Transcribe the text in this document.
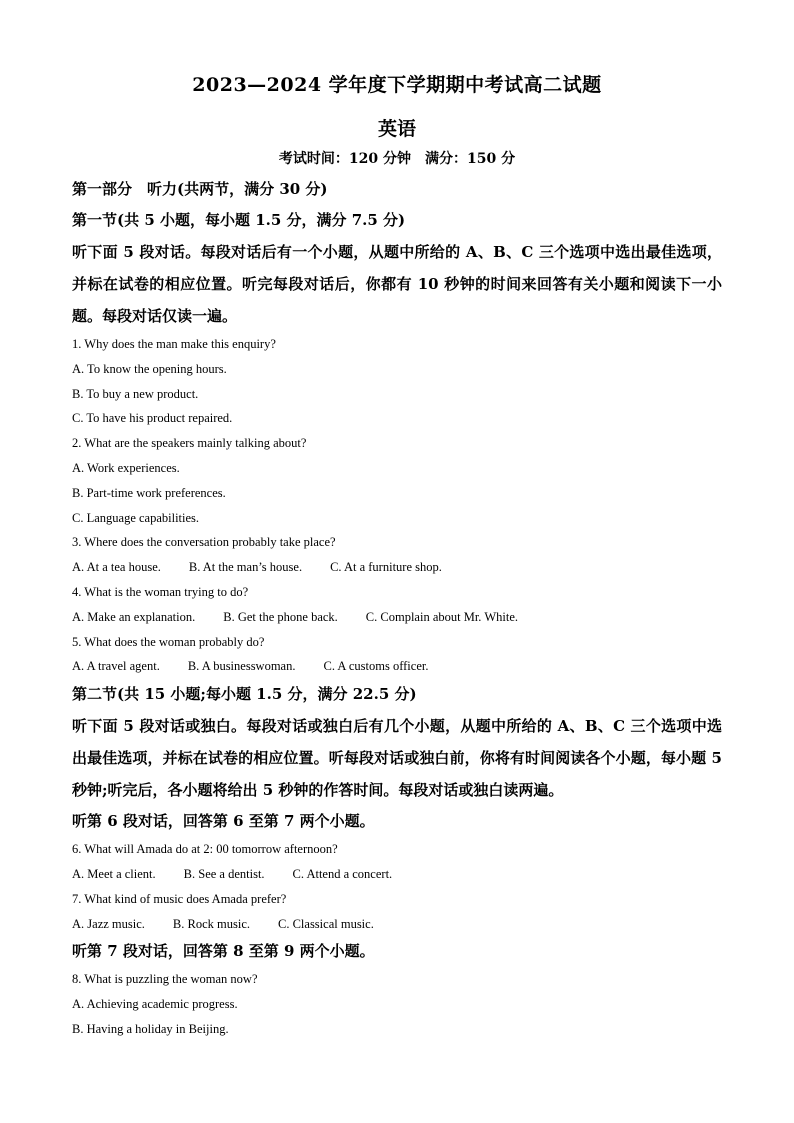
2023—2024 学年度下学期期中考试高二试题
英语
考试时间：120 分钟　满分：150 分
第一部分　听力(共两节，满分 30 分)
第一节(共 5 小题，每小题 1.5 分，满分 7.5 分)
听下面 5 段对话。每段对话后有一个小题，从题中所给的 A、B、C 三个选项中选出最佳选项，并标在试卷的相应位置。听完每段对话后，你都有 10 秒钟的时间来回答有关小题和阅读下一小题。每段对话仅读一遍。
1. Why does the man make this enquiry?
A. To know the opening hours.
B. To buy a new product.
C. To have his product repaired.
2. What are the speakers mainly talking about?
A. Work experiences.
B. Part-time work preferences.
C. Language capabilities.
3. Where does the conversation probably take place?
A. At a tea house. B. At the man’s house. C. At a furniture shop.
4. What is the woman trying to do?
A. Make an explanation. B. Get the phone back. C. Complain about Mr. White.
5. What does the woman probably do?
A. A travel agent. B. A businesswoman. C. A customs officer.
第二节(共 15 小题;每小题 1.5 分，满分 22.5 分)
听下面 5 段对话或独白。每段对话或独白后有几个小题，从题中所给的 A、B、C 三个选项中选出最佳选项，并标在试卷的相应位置。听每段对话或独白前，你将有时间阅读各个小题，每小题 5 秒钟;听完后，各小题将给出 5 秒钟的作答时间。每段对话或独白读两遍。
听第 6 段对话，回答第 6 至第 7 两个小题。
6. What will Amada do at 2: 00 tomorrow afternoon?
A. Meet a client. B. See a dentist. C. Attend a concert.
7. What kind of music does Amada prefer?
A. Jazz music. B. Rock music. C. Classical music.
听第 7 段对话，回答第 8 至第 9 两个小题。
8. What is puzzling the woman now?
A. Achieving academic progress.
B. Having a holiday in Beijing.
